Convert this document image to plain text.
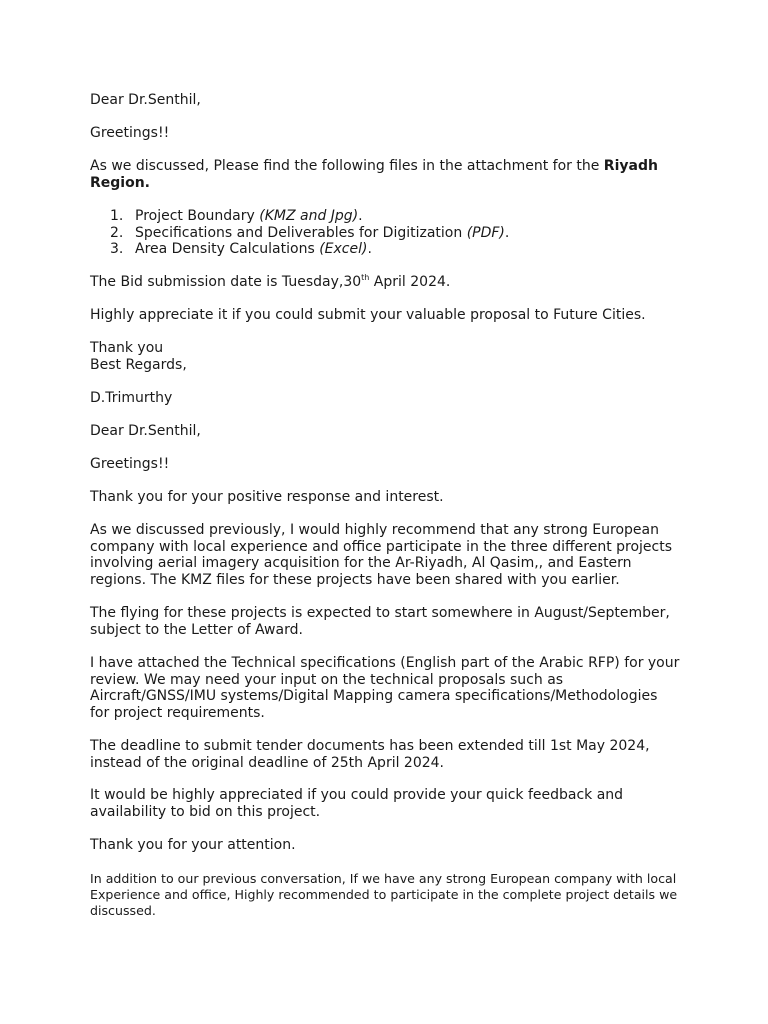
Dear Dr.Senthil,

Greetings!!

As we discussed, Please find the following files in the attachment for the Riyadh Region.

1. Project Boundary (KMZ and Jpg).
2. Specifications and Deliverables for Digitization (PDF).
3. Area Density Calculations (Excel).

The Bid submission date is Tuesday,30th April 2024.

Highly appreciate it if you could submit your valuable proposal to Future Cities.

Thank you

Best Regards,

D.Trimurthy

Dear Dr.Senthil,

Greetings!!

Thank you for your positive response and interest.

As we discussed previously, I would highly recommend that any strong European company with local experience and office participate in the three different projects involving aerial imagery acquisition for the Ar-Riyadh, Al Qasim,, and Eastern regions. The KMZ files for these projects have been shared with you earlier.

The flying for these projects is expected to start somewhere in August/September, subject to the Letter of Award.

I have attached the Technical specifications (English part of the Arabic RFP) for your review. We may need your input on the technical proposals such as Aircraft/GNSS/IMU systems/Digital Mapping camera specifications/Methodologies for project requirements.

The deadline to submit tender documents has been extended till 1st May 2024, instead of the original deadline of 25th April 2024.

It would be highly appreciated if you could provide your quick feedback and availability to bid on this project.

Thank you for your attention.

In addition to our previous conversation, If we have any strong European company with local Experience and office, Highly recommended to participate in the complete project details we discussed.
